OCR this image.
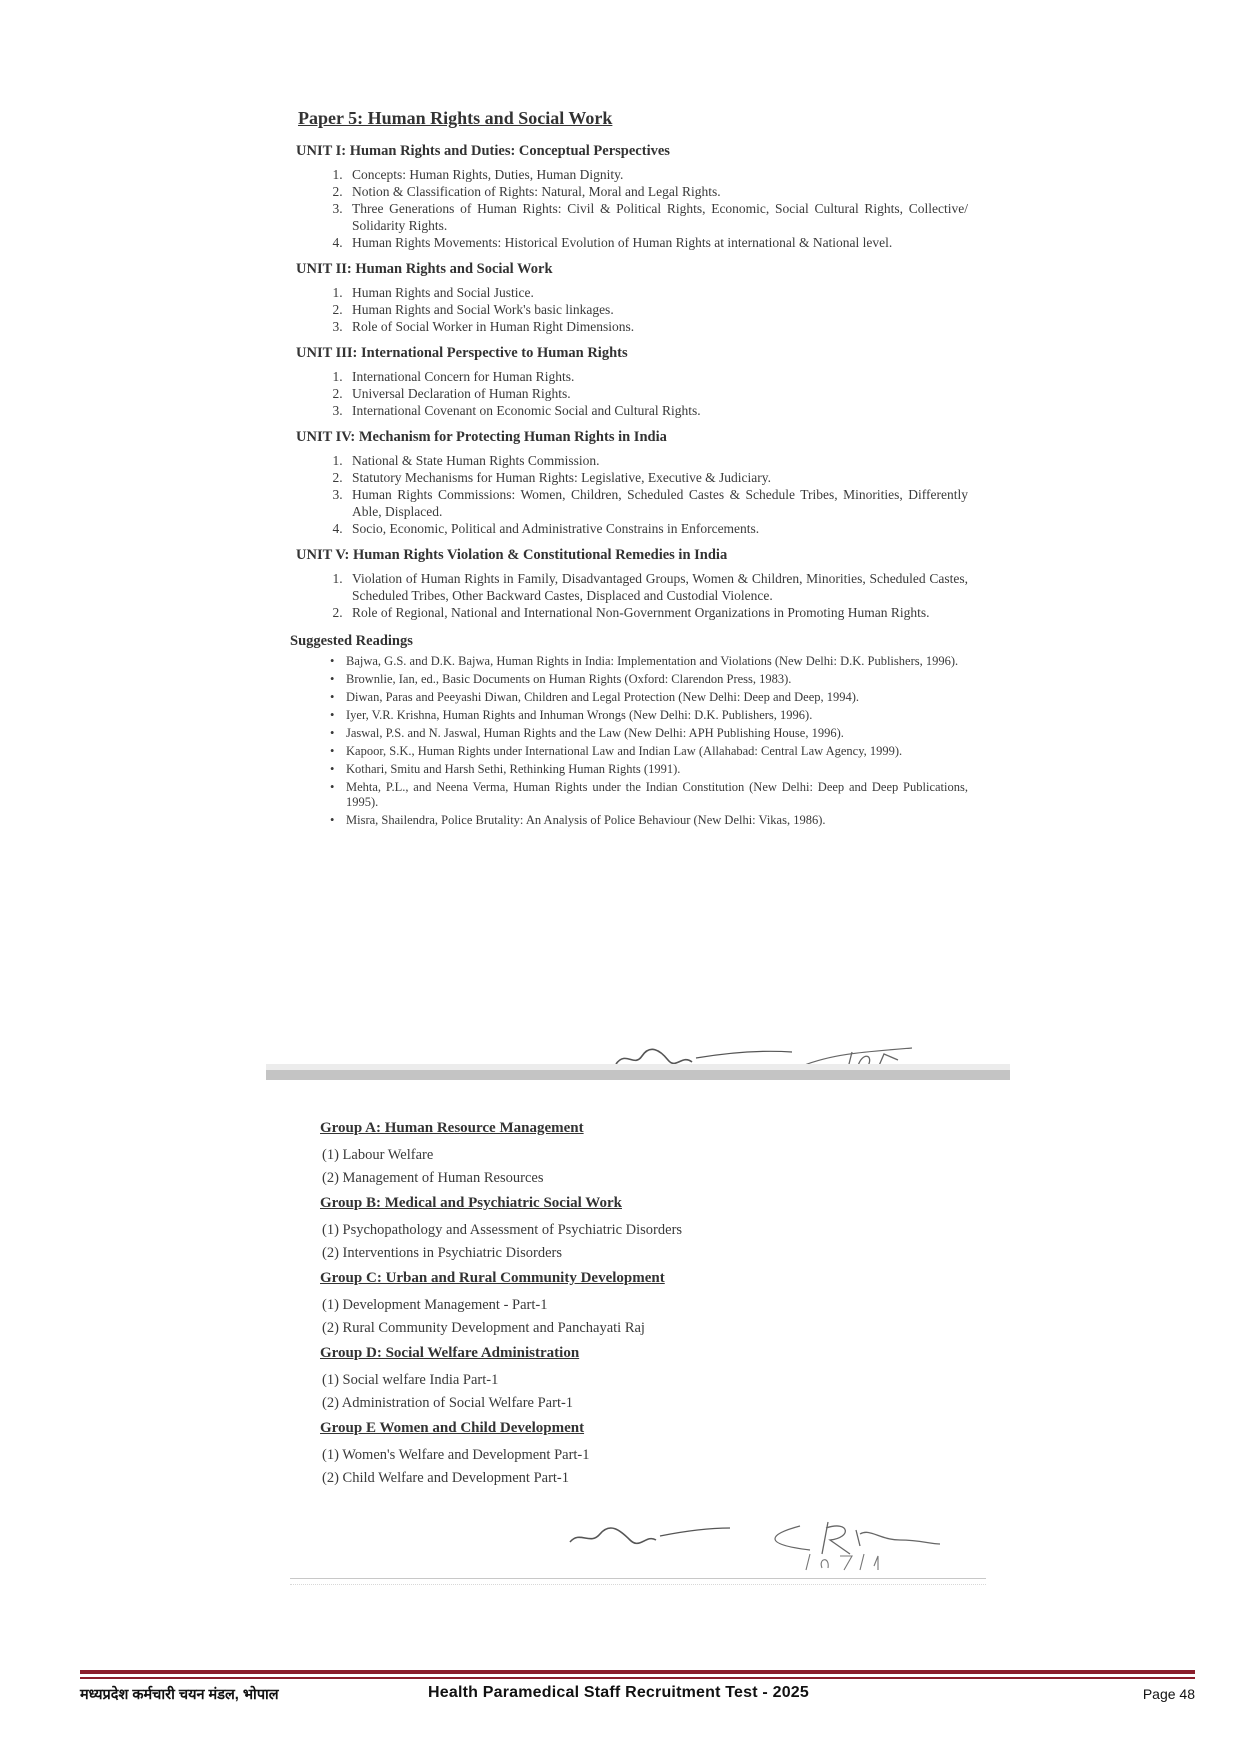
Paper 5: Human Rights and Social Work
UNIT I: Human Rights and Duties: Conceptual Perspectives
1. Concepts: Human Rights, Duties, Human Dignity.
2. Notion & Classification of Rights: Natural, Moral and Legal Rights.
3. Three Generations of Human Rights: Civil & Political Rights, Economic, Social Cultural Rights, Collective/ Solidarity Rights.
4. Human Rights Movements: Historical Evolution of Human Rights at international & National level.
UNIT II: Human Rights and Social Work
1. Human Rights and Social Justice.
2. Human Rights and Social Work's basic linkages.
3. Role of Social Worker in Human Right Dimensions.
UNIT III: International Perspective to Human Rights
1. International Concern for Human Rights.
2. Universal Declaration of Human Rights.
3. International Covenant on Economic Social and Cultural Rights.
UNIT IV: Mechanism for Protecting Human Rights in India
1. National & State Human Rights Commission.
2. Statutory Mechanisms for Human Rights: Legislative, Executive & Judiciary.
3. Human Rights Commissions: Women, Children, Scheduled Castes & Schedule Tribes, Minorities, Differently Able, Displaced.
4. Socio, Economic, Political and Administrative Constrains in Enforcements.
UNIT V: Human Rights Violation & Constitutional Remedies in India
1. Violation of Human Rights in Family, Disadvantaged Groups, Women & Children, Minorities, Scheduled Castes, Scheduled Tribes, Other Backward Castes, Displaced and Custodial Violence.
2. Role of Regional, National and International Non-Government Organizations in Promoting Human Rights.
Suggested Readings
• Bajwa, G.S. and D.K. Bajwa, Human Rights in India: Implementation and Violations (New Delhi: D.K. Publishers, 1996).
• Brownlie, Ian, ed., Basic Documents on Human Rights (Oxford: Clarendon Press, 1983).
• Diwan, Paras and Peeyashi Diwan, Children and Legal Protection (New Delhi: Deep and Deep, 1994).
• Iyer, V.R. Krishna, Human Rights and Inhuman Wrongs (New Delhi: D.K. Publishers, 1996).
• Jaswal, P.S. and N. Jaswal, Human Rights and the Law (New Delhi: APH Publishing House, 1996).
• Kapoor, S.K., Human Rights under International Law and Indian Law (Allahabad: Central Law Agency, 1999).
• Kothari, Smitu and Harsh Sethi, Rethinking Human Rights (1991).
• Mehta, P.L., and Neena Verma, Human Rights under the Indian Constitution (New Delhi: Deep and Deep Publications, 1995).
• Misra, Shailendra, Police Brutality: An Analysis of Police Behaviour (New Delhi: Vikas, 1986).
Group A: Human Resource Management
(1) Labour Welfare
(2) Management of Human Resources
Group B: Medical and Psychiatric Social Work
(1) Psychopathology and Assessment of Psychiatric Disorders
(2) Interventions in Psychiatric Disorders
Group C: Urban and Rural Community Development
(1) Development Management - Part-1
(2) Rural Community Development and Panchayati Raj
Group D: Social Welfare Administration
(1) Social welfare India Part-1
(2) Administration of Social Welfare Part-1
Group E Women and Child Development
(1) Women's Welfare and Development Part-1
(2) Child Welfare and Development Part-1
मध्यप्रदेश कर्मचारी चयन मंडल, भोपाल	Health Paramedical Staff Recruitment Test - 2025	Page 48
